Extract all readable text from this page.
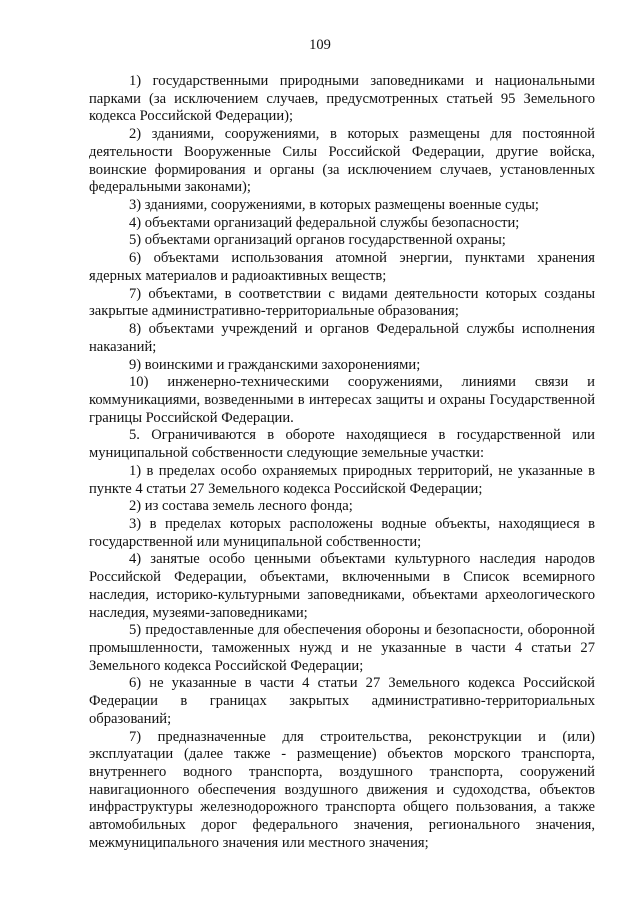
109

1) государственными природными заповедниками и национальными парками (за исключением случаев, предусмотренных статьей 95 Земельного кодекса Российской Федерации);

2) зданиями, сооружениями, в которых размещены для постоянной деятельности Вооруженные Силы Российской Федерации, другие войска, воинские формирования и органы (за исключением случаев, установленных федеральными законами);

3) зданиями, сооружениями, в которых размещены военные суды;

4) объектами организаций федеральной службы безопасности;

5) объектами организаций органов государственной охраны;

6) объектами использования атомной энергии, пунктами хранения ядерных материалов и радиоактивных веществ;

7) объектами, в соответствии с видами деятельности которых созданы закрытые административно-территориальные образования;

8) объектами учреждений и органов Федеральной службы исполнения наказаний;

9) воинскими и гражданскими захоронениями;

10) инженерно-техническими сооружениями, линиями связи и коммуникациями, возведенными в интересах защиты и охраны Государственной границы Российской Федерации.

5. Ограничиваются в обороте находящиеся в государственной или муниципальной собственности следующие земельные участки:

1) в пределах особо охраняемых природных территорий, не указанные в пункте 4 статьи 27 Земельного кодекса Российской Федерации;

2) из состава земель лесного фонда;

3) в пределах которых расположены водные объекты, находящиеся в государственной или муниципальной собственности;

4) занятые особо ценными объектами культурного наследия народов Российской Федерации, объектами, включенными в Список всемирного наследия, историко-культурными заповедниками, объектами археологического наследия, музеями-заповедниками;

5) предоставленные для обеспечения обороны и безопасности, оборонной промышленности, таможенных нужд и не указанные в части 4 статьи 27 Земельного кодекса Российской Федерации;

6) не указанные в части 4 статьи 27 Земельного кодекса Российской Федерации в границах закрытых административно-территориальных образований;

7) предназначенные для строительства, реконструкции и (или) эксплуатации (далее также - размещение) объектов морского транспорта, внутреннего водного транспорта, воздушного транспорта, сооружений навигационного обеспечения воздушного движения и судоходства, объектов инфраструктуры железнодорожного транспорта общего пользования, а также автомобильных дорог федерального значения, регионального значения, межмуниципального значения или местного значения;
